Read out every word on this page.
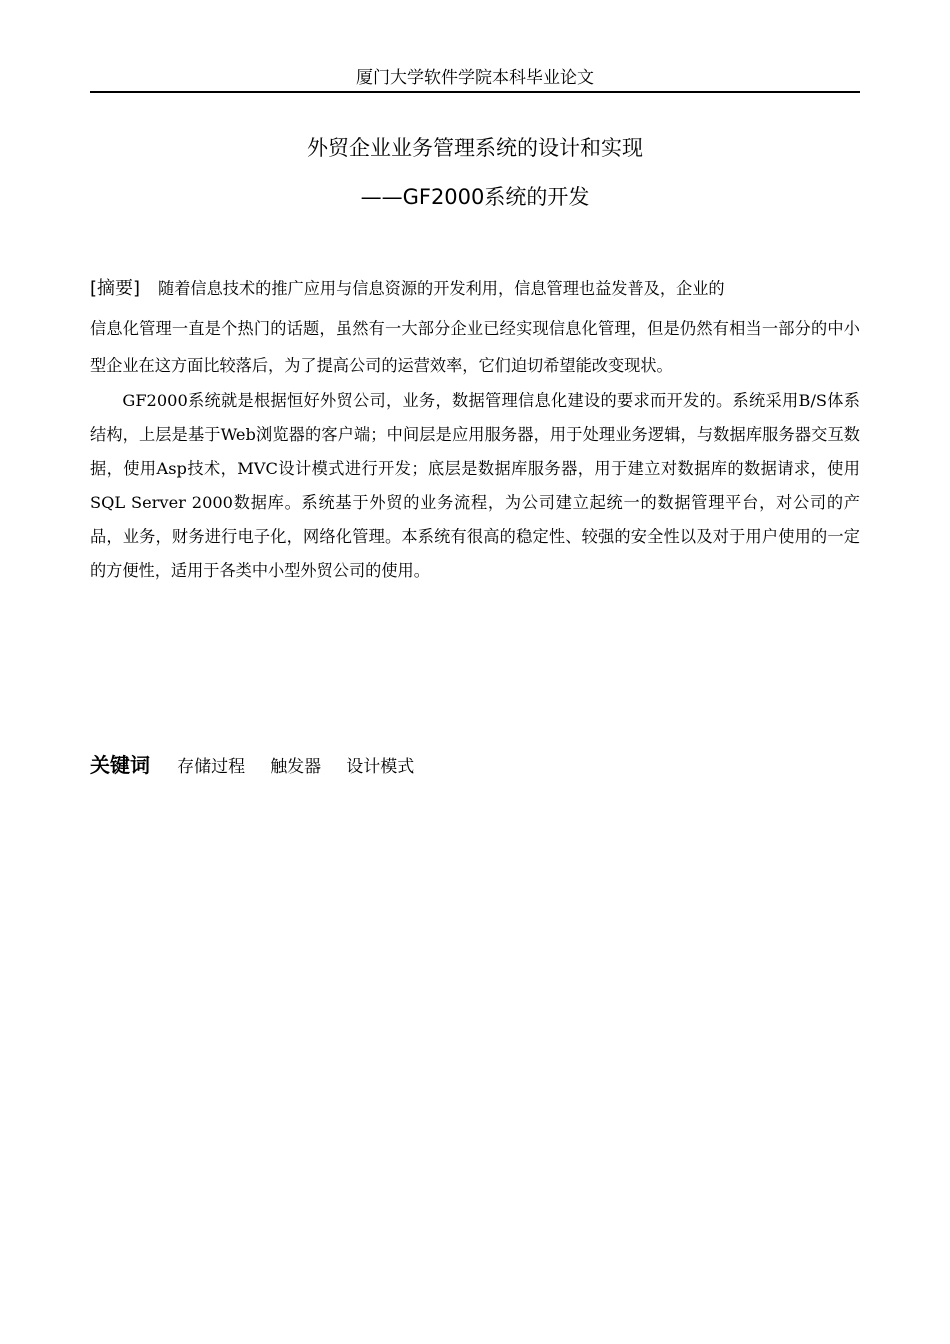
厦门大学软件学院本科毕业论文
外贸企业业务管理系统的设计和实现
——GF2000系统的开发

[摘要] 随着信息技术的推广应用与信息资源的开发利用，信息管理也益发普及，企业的

信息化管理一直是个热门的话题，虽然有一大部分企业已经实现信息化管理，但是仍然有相当一部分的中小型企业在这方面比较落后，为了提高公司的运营效率，它们迫切希望能改变现状。

GF2000系统就是根据恒好外贸公司，业务，数据管理信息化建设的要求而开发的。系统采用B/S体系结构，上层是基于Web浏览器的客户端；中间层是应用服务器，用于处理业务逻辑，与数据库服务器交互数据，使用Asp技术，MVC设计模式进行开发；底层是数据库服务器，用于建立对数据库的数据请求，使用 SQL Server 2000数据库。系统基于外贸的业务流程，为公司建立起统一的数据管理平台，对公司的产品，业务，财务进行电子化，网络化管理。本系统有很高的稳定性、较强的安全性以及对于用户使用的一定的方便性，适用于各类中小型外贸公司的使用。

关键词 存储过程 触发器 设计模式
